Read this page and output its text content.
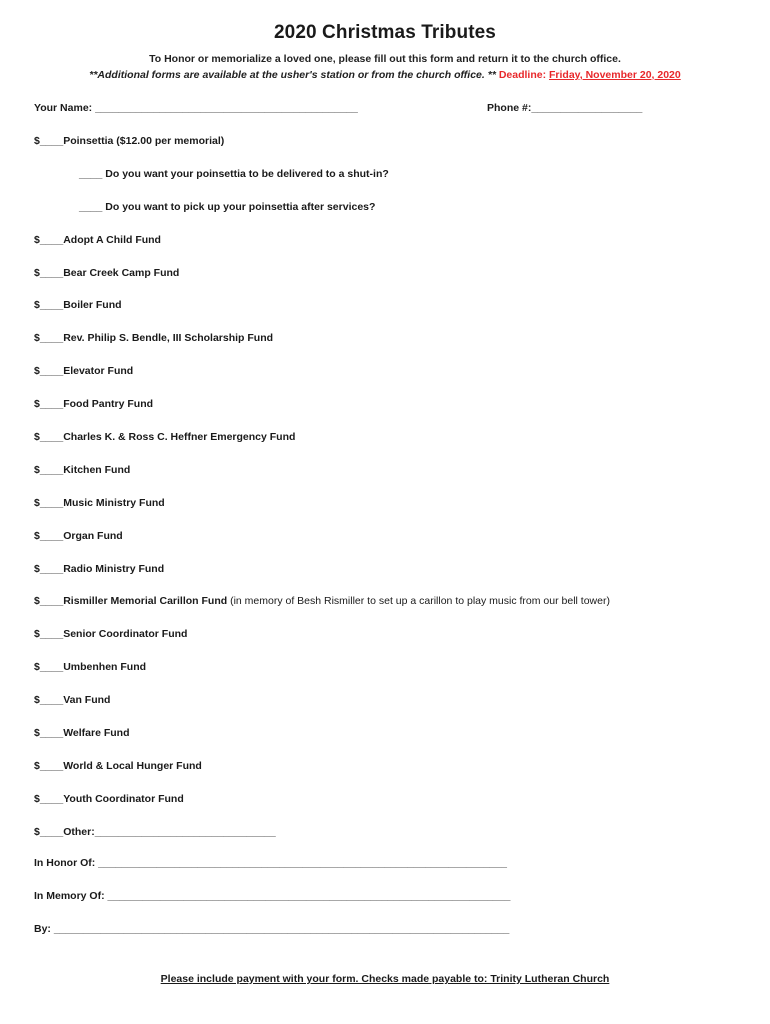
2020 Christmas Tributes
To Honor or memorialize a loved one, please fill out this form and return it to the church office.
**Additional forms are available at the usher's station or from the church office. ** Deadline: Friday, November 20, 2020
Your Name: _____________________________________________	Phone #:___________________
$____Poinsettia ($12.00 per memorial)
____ Do you want your poinsettia to be delivered to a shut-in?
____ Do you want to pick up your poinsettia after services?
$____Adopt A Child Fund
$____Bear Creek Camp Fund
$____Boiler Fund
$____Rev. Philip S. Bendle, III Scholarship Fund
$____Elevator Fund
$____Food Pantry Fund
$____Charles K. & Ross C. Heffner Emergency Fund
$____Kitchen Fund
$____Music Ministry Fund
$____Organ Fund
$____Radio Ministry Fund
$____Rismiller Memorial Carillon Fund (in memory of Besh Rismiller to set up a carillon to play music from our bell tower)
$____Senior Coordinator Fund
$____Umbenhen Fund
$____Van Fund
$____Welfare Fund
$____World & Local Hunger Fund
$____Youth Coordinator Fund
$____Other:_______________________________
In Honor Of: ______________________________________________________________________
In Memory Of: _____________________________________________________________________
By: ______________________________________________________________________________
Please include payment with your form. Checks made payable to: Trinity Lutheran Church
